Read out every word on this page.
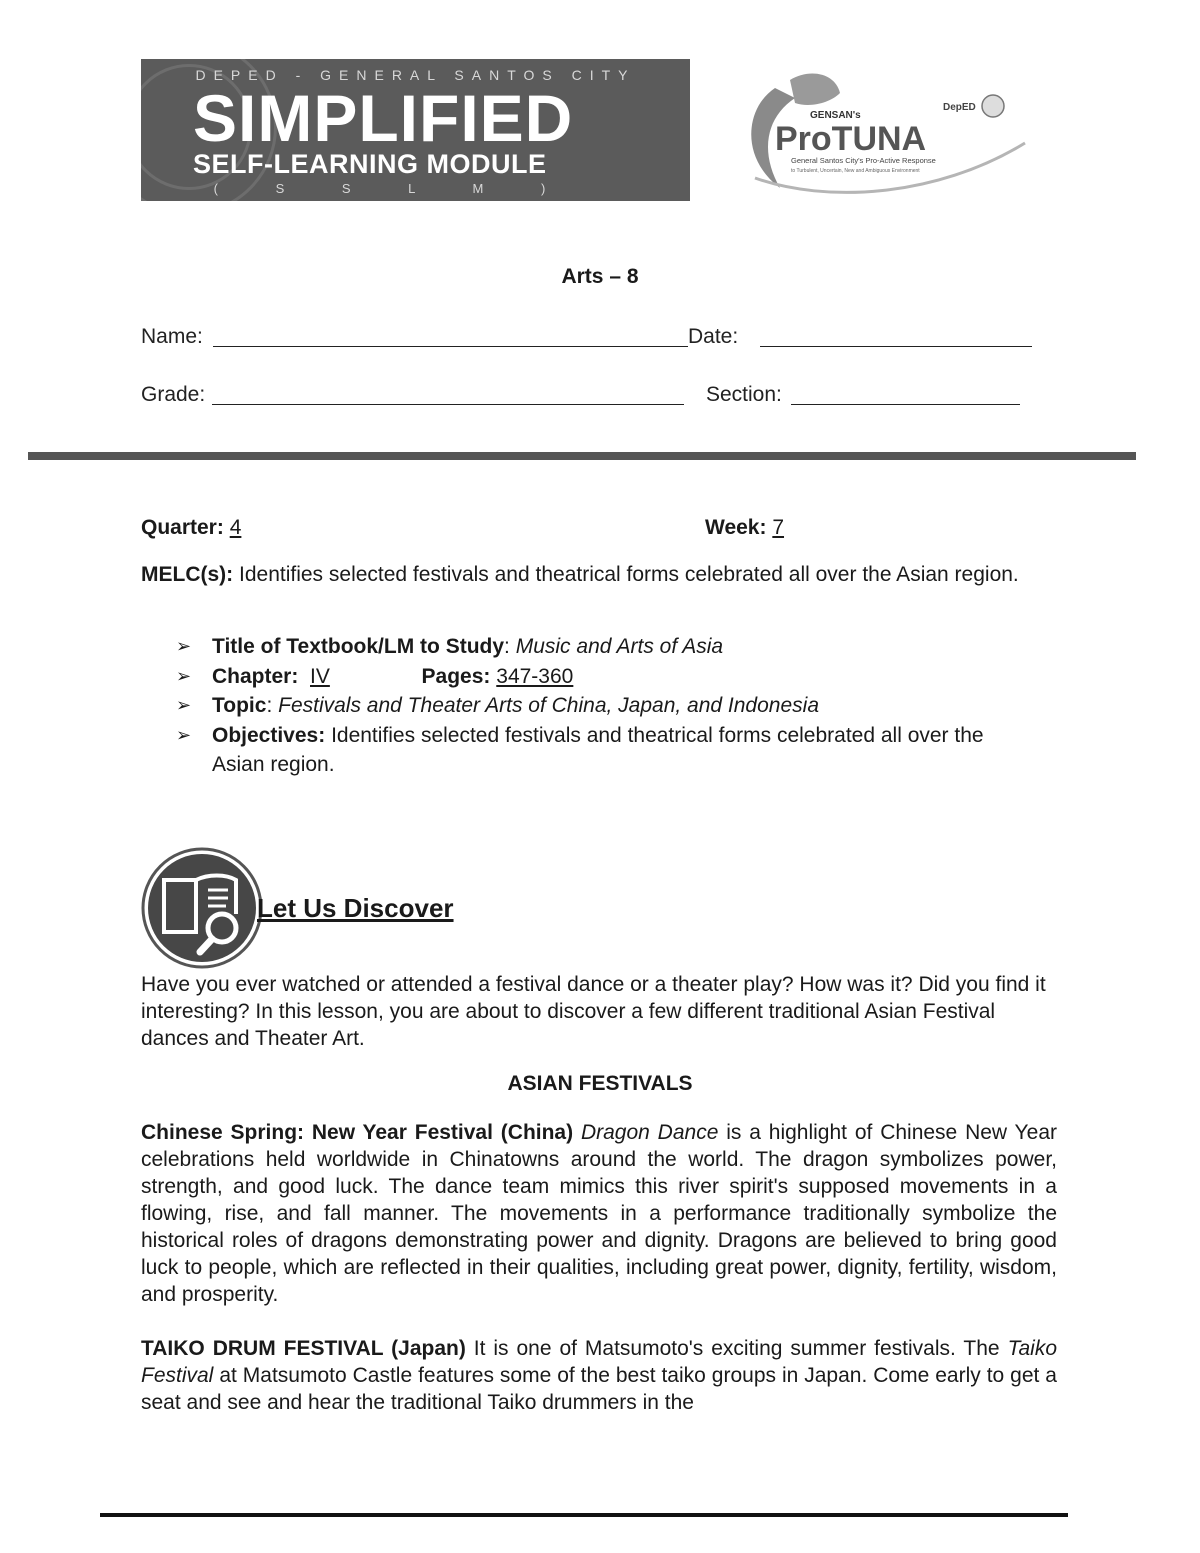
DEPED - GENERAL SANTOS CITY
SIMPLIFIED
SELF-LEARNING MODULE
( S S L M )
GENSAN's
DepED
ProTUNA
General Santos City's Pro-Active Response
to Turbulent, Uncertain, New and Ambiguous Environment
Arts – 8
Name:	Date:
Grade:	Section:
Quarter: 4	Week: 7
MELC(s): Identifies selected festivals and theatrical forms celebrated all over the Asian region.
➢ Title of Textbook/LM to Study: Music and Arts of Asia
➢ Chapter: IV	Pages: 347-360
➢ Topic: Festivals and Theater Arts of China, Japan, and Indonesia
➢ Objectives: Identifies selected festivals and theatrical forms celebrated all over the Asian region.
Let Us Discover
Have you ever watched or attended a festival dance or a theater play? How was it? Did you find it interesting? In this lesson, you are about to discover a few different traditional Asian Festival dances and Theater Art.
ASIAN FESTIVALS
Chinese Spring: New Year Festival (China) Dragon Dance is a highlight of Chinese New Year celebrations held worldwide in Chinatowns around the world. The dragon symbolizes power, strength, and good luck. The dance team mimics this river spirit's supposed movements in a flowing, rise, and fall manner. The movements in a performance traditionally symbolize the historical roles of dragons demonstrating power and dignity. Dragons are believed to bring good luck to people, which are reflected in their qualities, including great power, dignity, fertility, wisdom, and prosperity.
TAIKO DRUM FESTIVAL (Japan) It is one of Matsumoto's exciting summer festivals. The Taiko Festival at Matsumoto Castle features some of the best taiko groups in Japan. Come early to get a seat and see and hear the traditional Taiko drummers in the
